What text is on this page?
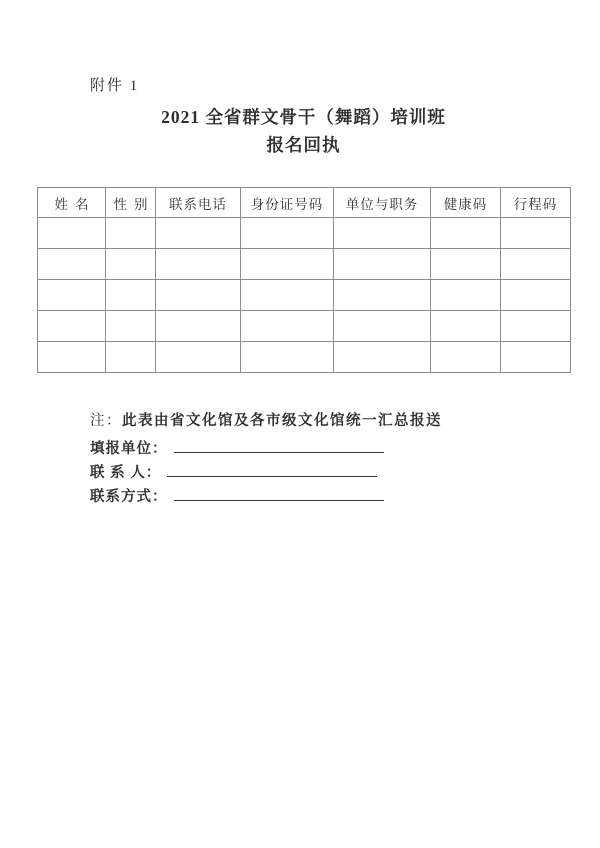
附件 1
2021 全省群文骨干（舞蹈）培训班
报名回执
姓名	性别	联系电话	身份证号码	单位与职务	健康码	行程码

注：此表由省文化馆及各市级文化馆统一汇总报送
填报单位：
联 系 人：
联系方式：
